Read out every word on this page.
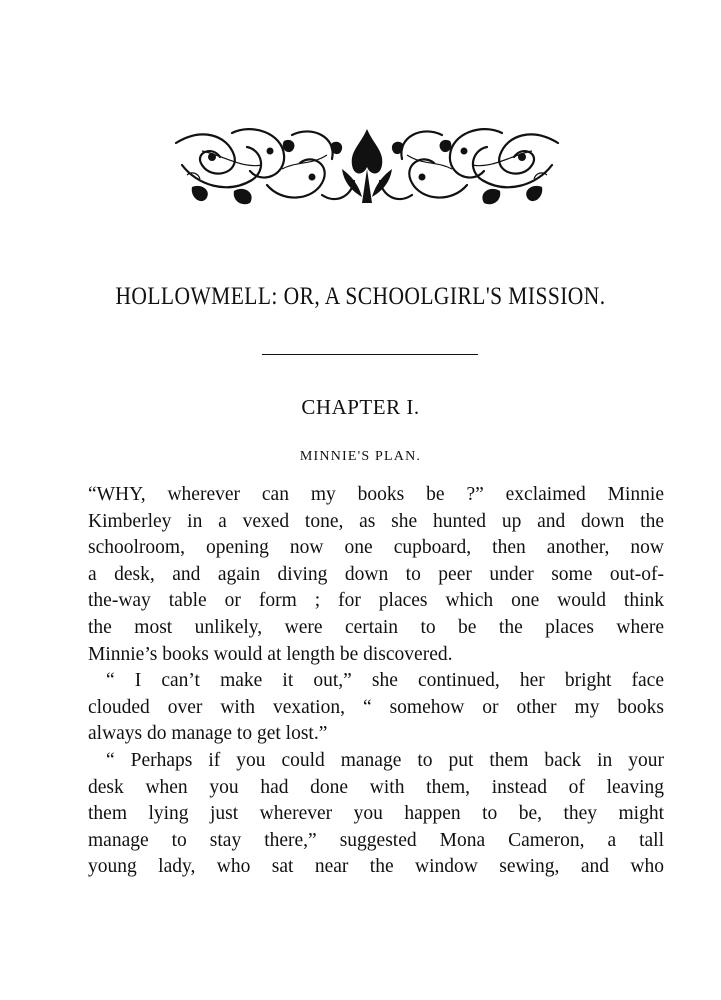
HOLLOWMELL: OR, A SCHOOLGIRL'S MISSION.
CHAPTER I.
MINNIE'S PLAN.
“WHY, wherever can my books be ?” exclaimed Minnie
Kimberley in a vexed tone, as she hunted up and down the
schoolroom, opening now one cupboard, then another, now
a desk, and again diving down to peer under some out-of-
the-way table or form ; for places which one would think
the most unlikely, were certain to be the places where
Minnie’s books would at length be discovered.
“ I can’t make it out,” she continued, her bright face
clouded over with vexation, “ somehow or other my books
always do manage to get lost.”
“ Perhaps if you could manage to put them back in your
desk when you had done with them, instead of leaving
them lying just wherever you happen to be, they might
manage to stay there,” suggested Mona Cameron, a tall
young lady, who sat near the window sewing, and who
